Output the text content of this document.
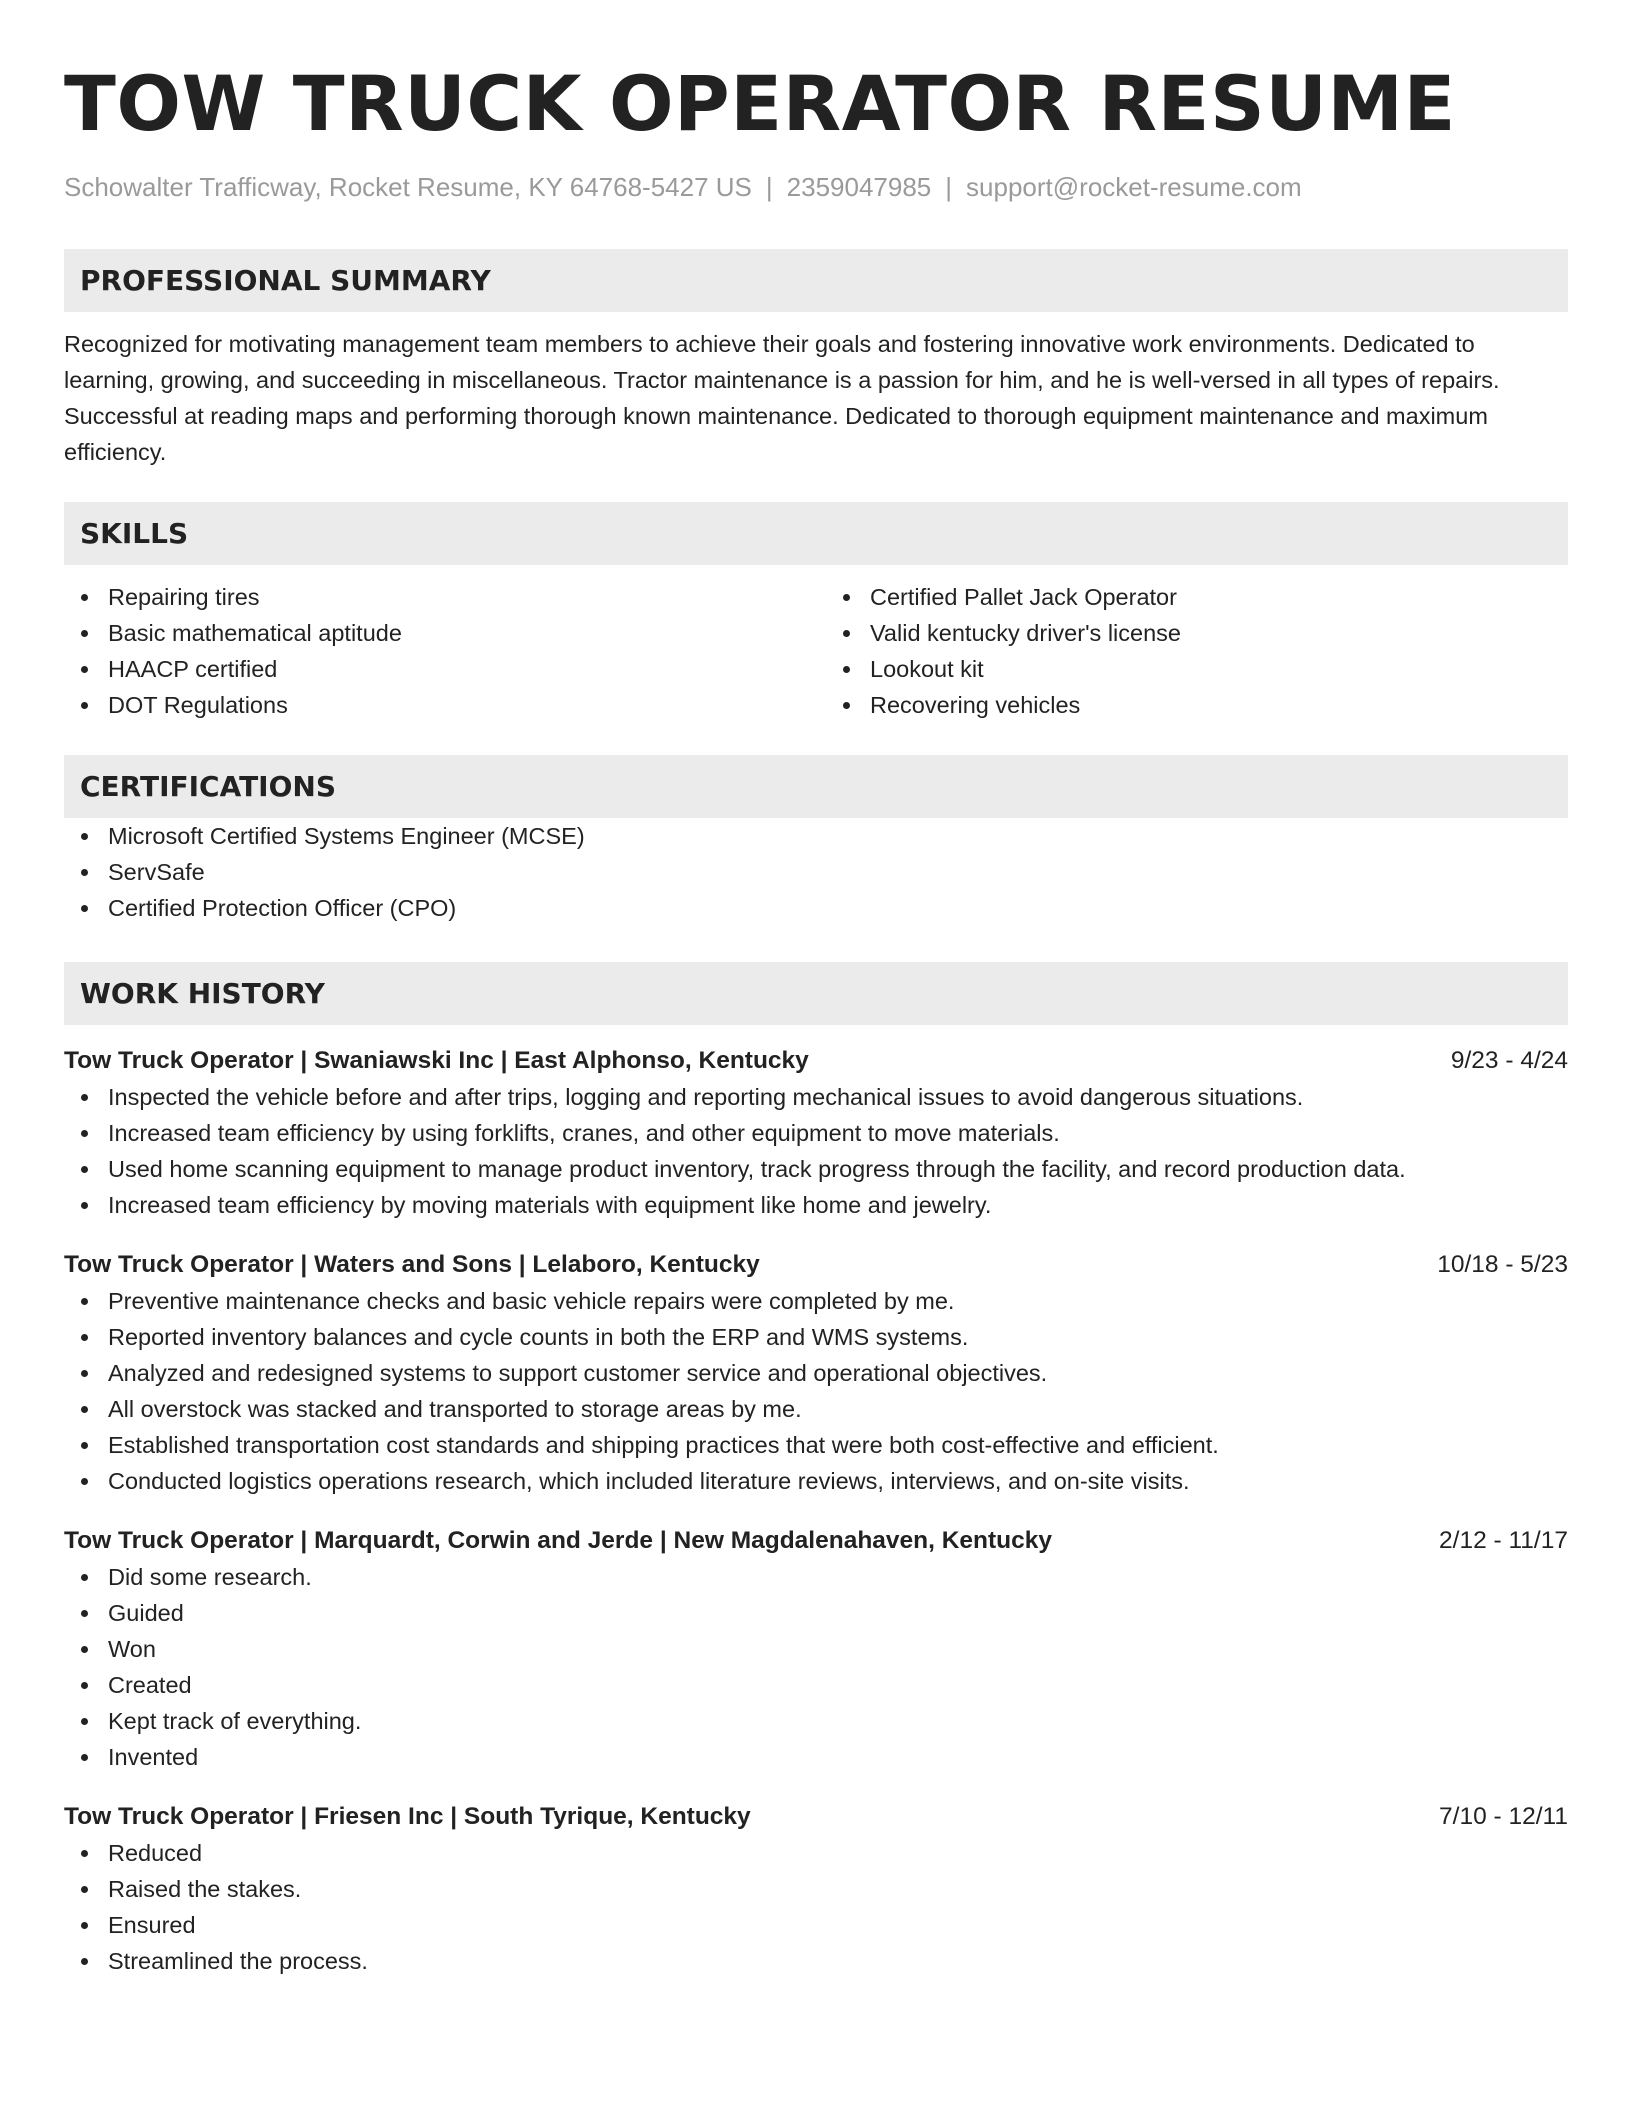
TOW TRUCK OPERATOR RESUME
Schowalter Trafficway, Rocket Resume, KY 64768-5427 US | 2359047985 | support@rocket-resume.com
PROFESSIONAL SUMMARY

Recognized for motivating management team members to achieve their goals and fostering innovative work environments. Dedicated to learning, growing, and succeeding in miscellaneous. Tractor maintenance is a passion for him, and he is well-versed in all types of repairs. Successful at reading maps and performing thorough known maintenance. Dedicated to thorough equipment maintenance and maximum efficiency.

SKILLS
Repairing tires
Basic mathematical aptitude
HAACP certified
DOT Regulations
Certified Pallet Jack Operator
Valid kentucky driver's license
Lookout kit
Recovering vehicles
CERTIFICATIONS
Microsoft Certified Systems Engineer (MCSE)
ServSafe
Certified Protection Officer (CPO)
WORK HISTORY
Tow Truck Operator | Swaniawski Inc | East Alphonso, Kentucky	9/23 - 4/24
Inspected the vehicle before and after trips, logging and reporting mechanical issues to avoid dangerous situations.
Increased team efficiency by using forklifts, cranes, and other equipment to move materials.
Used home scanning equipment to manage product inventory, track progress through the facility, and record production data.
Increased team efficiency by moving materials with equipment like home and jewelry.
Tow Truck Operator | Waters and Sons | Lelaboro, Kentucky	10/18 - 5/23
Preventive maintenance checks and basic vehicle repairs were completed by me.
Reported inventory balances and cycle counts in both the ERP and WMS systems.
Analyzed and redesigned systems to support customer service and operational objectives.
All overstock was stacked and transported to storage areas by me.
Established transportation cost standards and shipping practices that were both cost-effective and efficient.
Conducted logistics operations research, which included literature reviews, interviews, and on-site visits.
Tow Truck Operator | Marquardt, Corwin and Jerde | New Magdalenahaven, Kentucky	2/12 - 11/17
Did some research.
Guided
Won
Created
Kept track of everything.
Invented
Tow Truck Operator | Friesen Inc | South Tyrique, Kentucky	7/10 - 12/11
Reduced
Raised the stakes.
Ensured
Streamlined the process.
